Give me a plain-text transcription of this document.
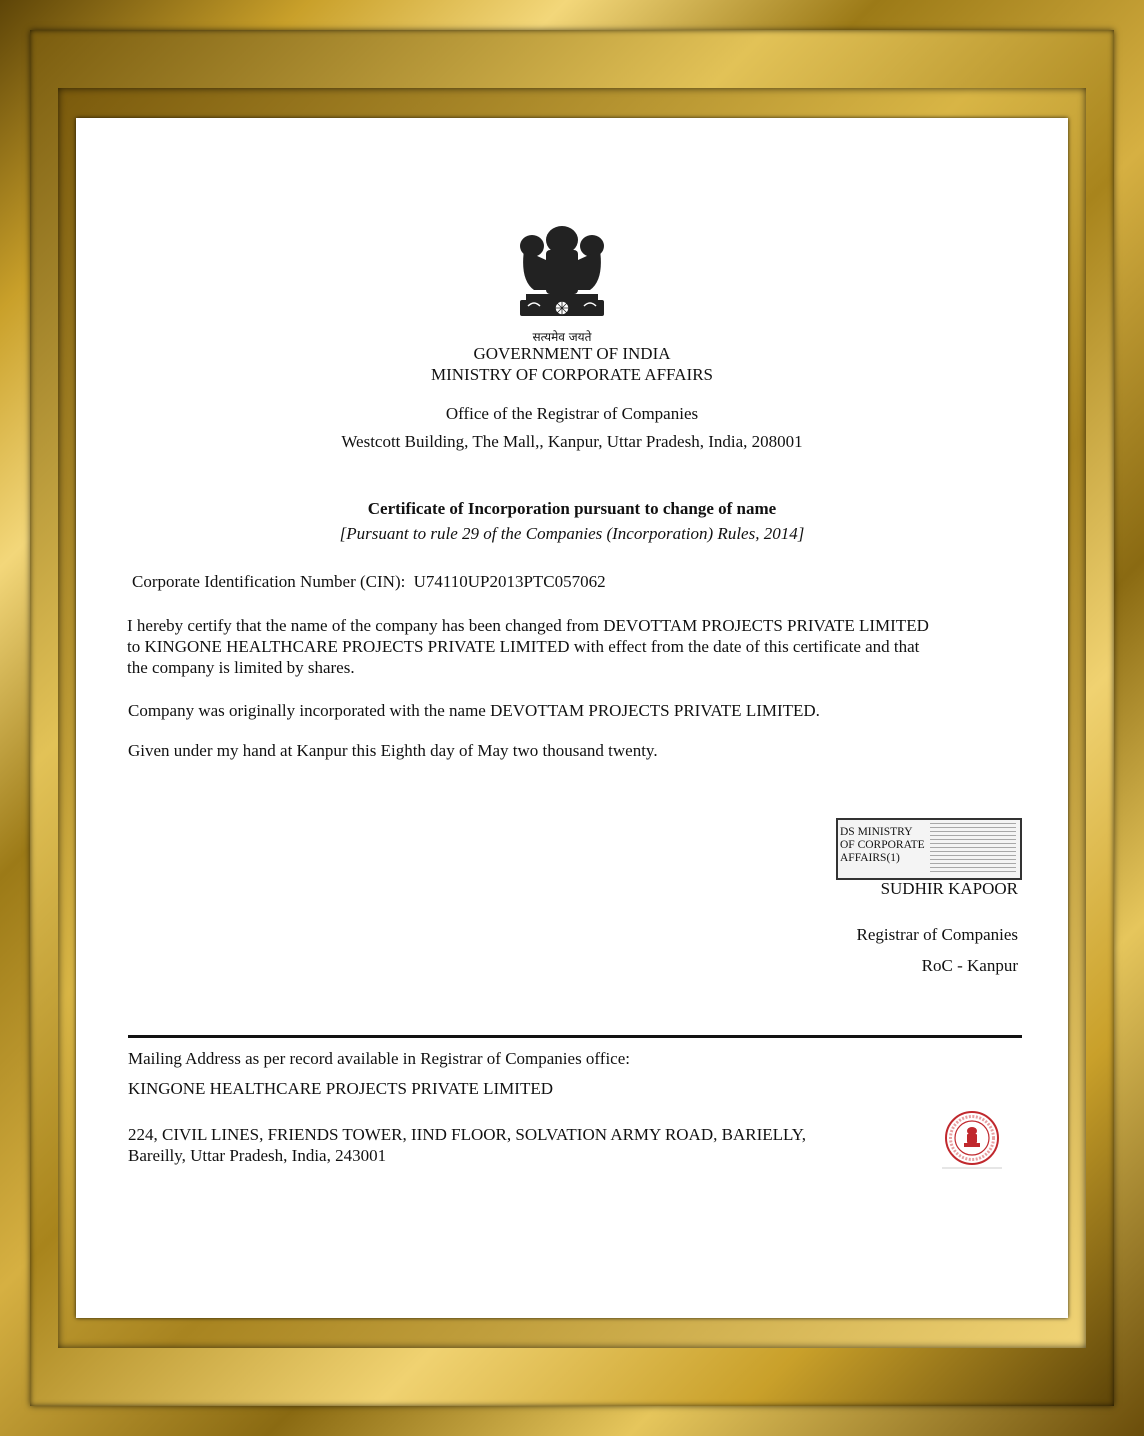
सत्यमेव जयते
GOVERNMENT OF INDIA
MINISTRY OF CORPORATE AFFAIRS
Office of the Registrar of Companies
Westcott Building, The Mall,, Kanpur, Uttar Pradesh, India, 208001
Certificate of Incorporation pursuant to change of name
[Pursuant to rule 29 of the Companies (Incorporation) Rules, 2014]
Corporate Identification Number (CIN): U74110UP2013PTC057062
I hereby certify that the name of the company has been changed from DEVOTTAM PROJECTS PRIVATE LIMITED
to KINGONE HEALTHCARE PROJECTS PRIVATE LIMITED with effect from the date of this certificate and that
the company is limited by shares.
Company was originally incorporated with the name DEVOTTAM PROJECTS PRIVATE LIMITED.
Given under my hand at Kanpur this Eighth day of May two thousand twenty.
DS MINISTRY
OF CORPORATE
AFFAIRS(1)
SUDHIR KAPOOR
Registrar of Companies
RoC - Kanpur
Mailing Address as per record available in Registrar of Companies office:
KINGONE HEALTHCARE PROJECTS PRIVATE LIMITED
224, CIVIL LINES, FRIENDS TOWER, IIND FLOOR, SOLVATION ARMY ROAD, BARIELLY,
Bareilly, Uttar Pradesh, India, 243001
